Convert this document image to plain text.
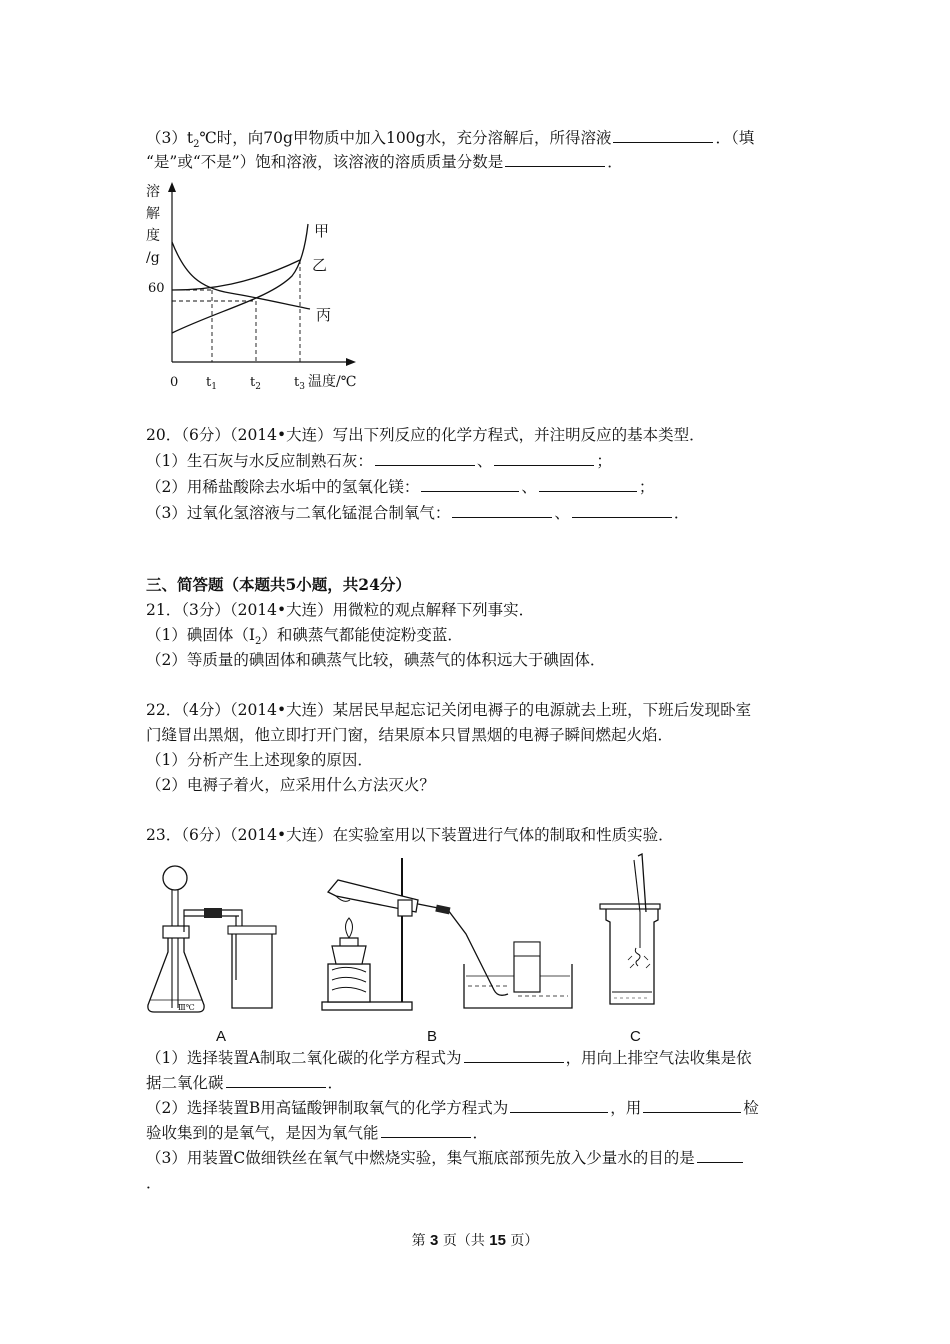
$(3)t_2℃$时，向70g甲物质中加入100g水，充分溶解后，所得溶液	．（填
“是”或“不是”）饱和溶液，该溶液的溶质质量分数是	．
溶
解
度
/g
60
甲
乙
丙
0 $t_1$	$t_2$	$t_3$ 温度/℃
20．（6分）（2014•大连）写出下列反应的化学方程式，并注明反应的基本类型．
（1）生石灰与水反应制熟石灰：	、	；
（2）用稀盐酸除去水垢中的氢氧化镁：	、	；
（3）过氧化氢溶液与二氧化锰混合制氧气：	、	．
三、简答题（本题共5小题，共24分）
21．（3分）（2014•大连）用微粒的观点解释下列事实．
（1）碘固体$(I_2)$和碘蒸气都能使淀粉变蓝．
（2）等质量的碘固体和碘蒸气比较，碘蒸气的体积远大于碘固体．
22．（4分）（2014•大连）某居民早起忘记关闭电褥子的电源就去上班，下班后发现卧室
门缝冒出黑烟，他立即打开门窗，结果原本只冒黑烟的电褥子瞬间燃起火焰．
（1）分析产生上述现象的原因．
（2）电褥子着火，应采用什么方法灭火？
23．（6分）（2014•大连）在实验室用以下装置进行气体的制取和性质实验．
Ⅲ℃
A	B	C
（1）选择装置A制取二氧化碳的化学方程式为	，用向上排空气法收集是依
据二氧化碳	．
（2）选择装置B用高锰酸钾制取氧气的化学方程式为	，用	检
验收集到的是氧气，是因为氧气能	．
（3）用装置C做细铁丝在氧气中燃烧实验，集气瓶底部预先放入少量水的目的是
．
第 3 页（共 15 页）
